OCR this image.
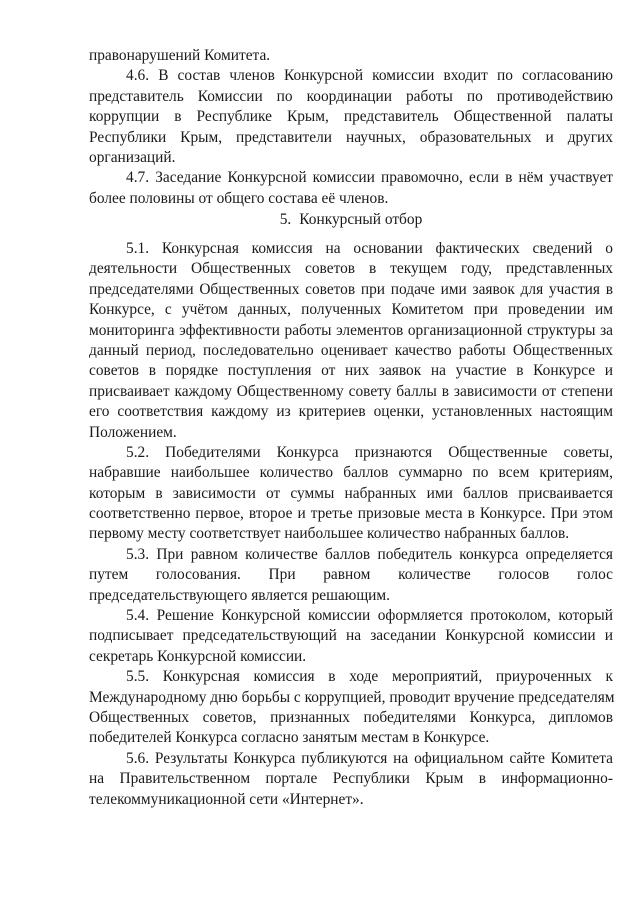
правонарушений Комитета.
4.6. В состав членов Конкурсной комиссии входит по согласованию
представитель Комиссии по координации работы по противодействию
коррупции в Республике Крым, представитель Общественной палаты
Республики Крым, представители научных, образовательных и других
организаций.
4.7. Заседание Конкурсной комиссии правомочно, если в нём участвует
более половины от общего состава её членов.
5. Конкурсный отбор
5.1. Конкурсная комиссия на основании фактических сведений о
деятельности Общественных советов в текущем году, представленных
председателями Общественных советов при подаче ими заявок для участия в
Конкурсе, с учётом данных, полученных Комитетом при проведении им
мониторинга эффективности работы элементов организационной структуры за
данный период, последовательно оценивает качество работы Общественных
советов в порядке поступления от них заявок на участие в Конкурсе и
присваивает каждому Общественному совету баллы в зависимости от степени
его соответствия каждому из критериев оценки, установленных настоящим
Положением.
5.2. Победителями Конкурса признаются Общественные советы,
набравшие наибольшее количество баллов суммарно по всем критериям,
которым в зависимости от суммы набранных ими баллов присваивается
соответственно первое, второе и третье призовые места в Конкурсе. При этом
первому месту соответствует наибольшее количество набранных баллов.
5.3. При равном количестве баллов победитель конкурса определяется
путем голосования. При равном количестве голосов голос
председательствующего является решающим.
5.4. Решение Конкурсной комиссии оформляется протоколом, который
подписывает председательствующий на заседании Конкурсной комиссии и
секретарь Конкурсной комиссии.
5.5. Конкурсная комиссия в ходе мероприятий, приуроченных к
Международному дню борьбы с коррупцией, проводит вручение председателям
Общественных советов, признанных победителями Конкурса, дипломов
победителей Конкурса согласно занятым местам в Конкурсе.
5.6. Результаты Конкурса публикуются на официальном сайте Комитета
на Правительственном портале Республики Крым в информационно-
телекоммуникационной сети «Интернет».
